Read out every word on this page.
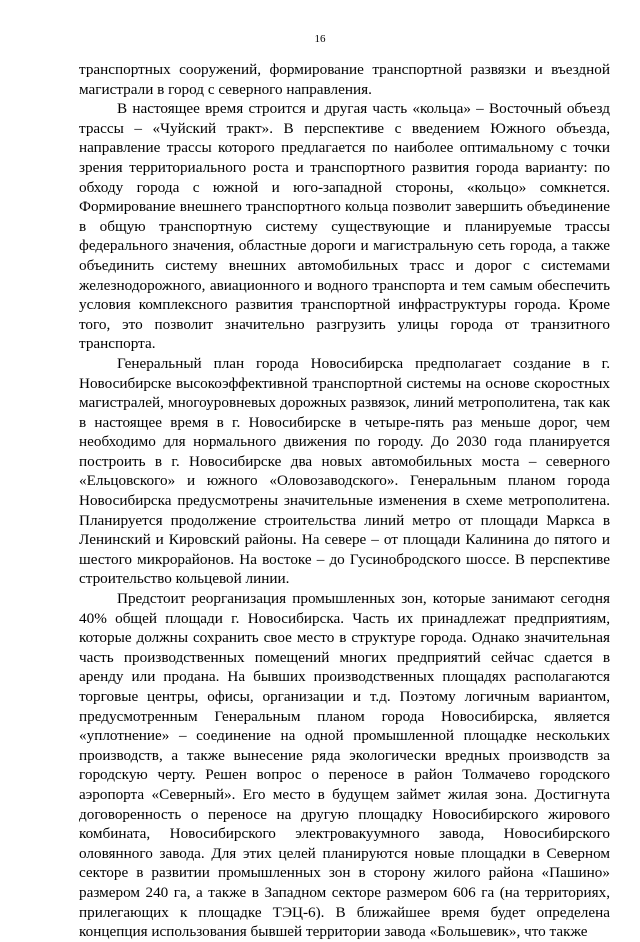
16

транспортных сооружений, формирование транспортной развязки и въездной магистрали в город с северного направления.

В настоящее время строится и другая часть «кольца» – Восточный объезд трассы – «Чуйский тракт». В перспективе с введением Южного объезда, направление трассы которого предлагается по наиболее оптимальному с точки зрения территориального роста и транспортного развития города варианту: по обходу города с южной и юго-западной стороны, «кольцо» сомкнется. Формирование внешнего транспортного кольца позволит завершить объединение в общую транспортную систему существующие и планируемые трассы федерального значения, областные дороги и магистральную сеть города, а также объединить систему внешних автомобильных трасс и дорог с системами железнодорожного, авиационного и водного транспорта и тем самым обеспечить условия комплексного развития транспортной инфраструктуры города. Кроме того, это позволит значительно разгрузить улицы города от транзитного транспорта.

Генеральный план города Новосибирска предполагает создание в г. Новосибирске высокоэффективной транспортной системы на основе скоростных магистралей, многоуровневых дорожных развязок, линий метрополитена, так как в настоящее время в г. Новосибирске в четыре-пять раз меньше дорог, чем необходимо для нормального движения по городу. До 2030 года планируется построить в г. Новосибирске два новых автомобильных моста – северного «Ельцовского» и южного «Оловозаводского». Генеральным планом города Новосибирска предусмотрены значительные изменения в схеме метрополитена. Планируется продолжение строительства линий метро от площади Маркса в Ленинский и Кировский районы. На севере – от площади Калинина до пятого и шестого микрорайонов. На востоке – до Гусинобродского шоссе. В перспективе строительство кольцевой линии.

Предстоит реорганизация промышленных зон, которые занимают сегодня 40% общей площади г. Новосибирска. Часть их принадлежат предприятиям, которые должны сохранить свое место в структуре города. Однако значительная часть производственных помещений многих предприятий сейчас сдается в аренду или продана. На бывших производственных площадях располагаются торговые центры, офисы, организации и т.д. Поэтому логичным вариантом, предусмотренным Генеральным планом города Новосибирска, является «уплотнение» – соединение на одной промышленной площадке нескольких производств, а также вынесение ряда экологически вредных производств за городскую черту. Решен вопрос о переносе в район Толмачево городского аэропорта «Северный». Его место в будущем займет жилая зона. Достигнута договоренность о переносе на другую площадку Новосибирского жирового комбината, Новосибирского электровакуумного завода, Новосибирского оловянного завода. Для этих целей планируются новые площадки в Северном секторе в развитии промышленных зон в сторону жилого района «Пашино» размером 240 га, а также в Западном секторе размером 606 га (на территориях, прилегающих к площадке ТЭЦ-6). В ближайшее время будет определена концепция использования бывшей территории завода «Большевик», что также
